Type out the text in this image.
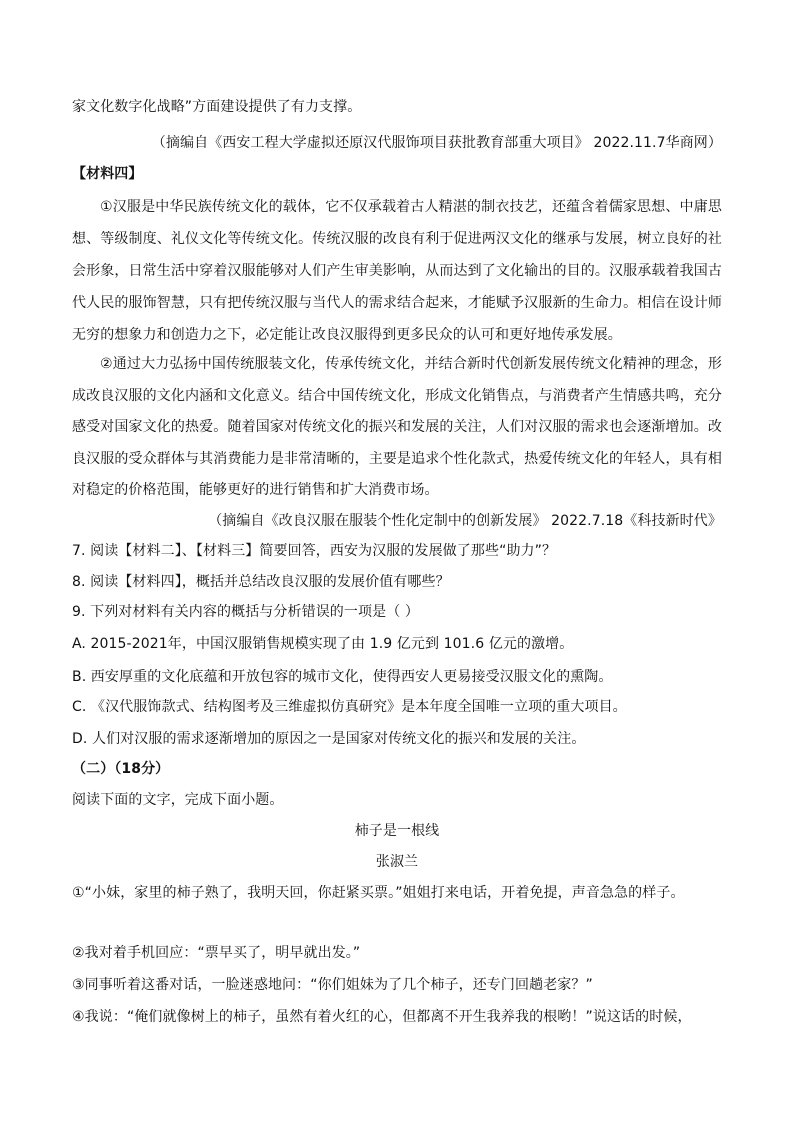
家文化数字化战略”方面建设提供了有力支撑。
（摘编自《西安工程大学虚拟还原汉代服饰项目获批教育部重大项目》 2022.11.7华商网）
【材料四】
①汉服是中华民族传统文化的载体，它不仅承载着古人精湛的制衣技艺，还蕴含着儒家思想、中庸思
想、等级制度、礼仪文化等传统文化。传统汉服的改良有利于促进两汉文化的继承与发展，树立良好的社
会形象，日常生活中穿着汉服能够对人们产生审美影响，从而达到了文化输出的目的。汉服承载着我国古
代人民的服饰智慧，只有把传统汉服与当代人的需求结合起来，才能赋予汉服新的生命力。相信在设计师
无穷的想象力和创造力之下，必定能让改良汉服得到更多民众的认可和更好地传承发展。
②通过大力弘扬中国传统服装文化，传承传统文化，并结合新时代创新发展传统文化精神的理念，形
成改良汉服的文化内涵和文化意义。结合中国传统文化，形成文化销售点，与消费者产生情感共鸣，充分
感受对国家文化的热爱。随着国家对传统文化的振兴和发展的关注，人们对汉服的需求也会逐渐增加。改
良汉服的受众群体与其消费能力是非常清晰的，主要是追求个性化款式，热爱传统文化的年轻人，具有相
对稳定的价格范围，能够更好的进行销售和扩大消费市场。
（摘编自《改良汉服在服装个性化定制中的创新发展》 2022.7.18《科技新时代》
7. 阅读【材料二】、【材料三】简要回答，西安为汉服的发展做了那些“助力”？
8. 阅读【材料四】，概括并总结改良汉服的发展价值有哪些？
9. 下列对材料有关内容的概括与分析错误的一项是（ ）
A. 2015-2021年，中国汉服销售规模实现了由 1.9 亿元到 101.6 亿元的激增。
B. 西安厚重的文化底蕴和开放包容的城市文化，使得西安人更易接受汉服文化的熏陶。
C. 《汉代服饰款式、结构图考及三维虚拟仿真研究》是本年度全国唯一立项的重大项目。
D. 人们对汉服的需求逐渐增加的原因之一是国家对传统文化的振兴和发展的关注。
（二）（18分）
阅读下面的文字，完成下面小题。
柿子是一根线
张淑兰
①“小妹，家里的柿子熟了，我明天回，你赶紧买票。”姐姐打来电话，开着免提，声音急急的样子。
②我对着手机回应：“票早买了，明早就出发。”
③同事听着这番对话，一脸迷惑地问：“你们姐妹为了几个柿子，还专门回趟老家？”
④我说：“俺们就像树上的柿子，虽然有着火红的心，但都离不开生我养我的根哟！”说这话的时候，
